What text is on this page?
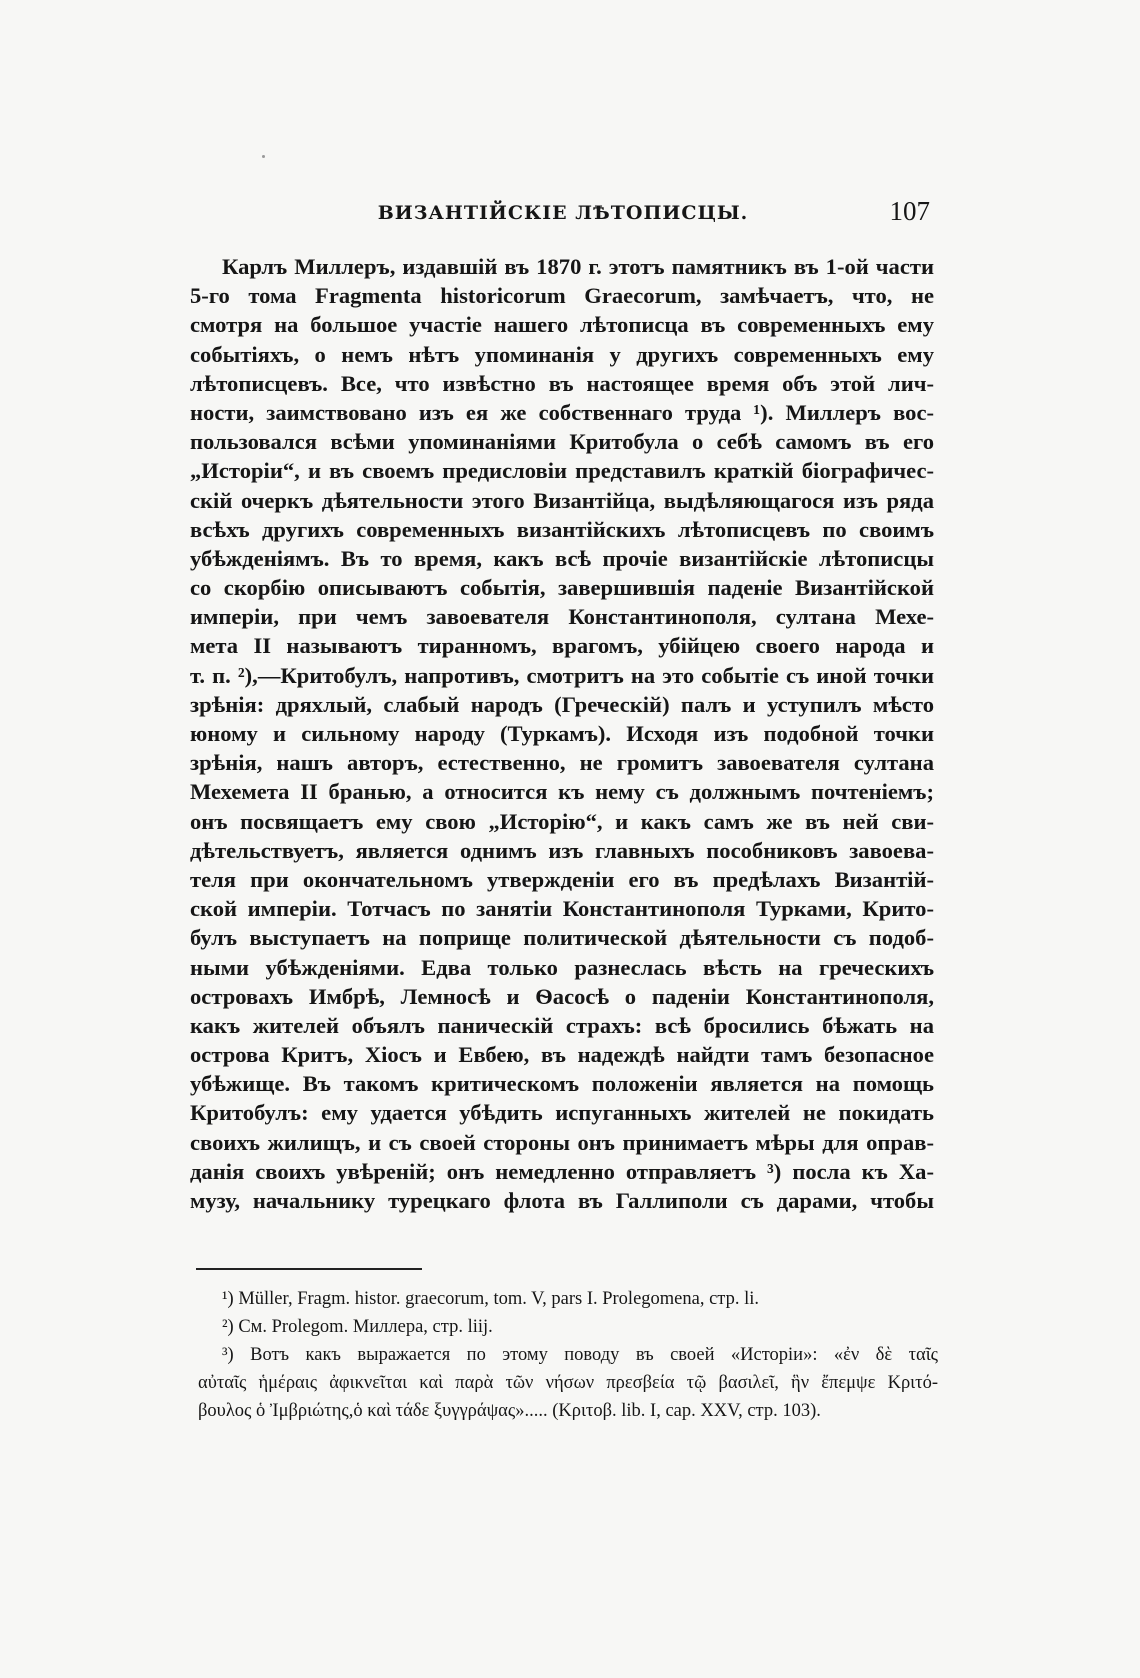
ВИЗАНТІЙСКІЕ ЛѢТОПИСЦЫ.	107
Карлъ Миллеръ, издавшій въ 1870 г. этотъ памятникъ въ 1-ой части
5-го тома Fragmenta historicorum Graecorum, замѣчаетъ, что, не
смотря на большое участіе нашего лѣтописца въ современныхъ ему
событіяхъ, о немъ нѣтъ упоминанія у другихъ современныхъ ему
лѣтописцевъ. Все, что извѣстно въ настоящее время объ этой лич-
ности, заимствовано изъ ея же собственнаго труда ¹). Миллеръ вос-
пользовался всѣми упоминаніями Критобула о себѣ самомъ въ его
„Исторіи“, и въ своемъ предисловіи представилъ краткій біографичес-
скій очеркъ дѣятельности этого Византійца, выдѣляющагося изъ ряда
всѣхъ другихъ современныхъ византійскихъ лѣтописцевъ по своимъ
убѣжденіямъ. Въ то время, какъ всѣ прочіе византійскіе лѣтописцы
со скорбію описываютъ событія, завершившія паденіе Византійской
имперіи, при чемъ завоевателя Константинополя, султана Мехе-
мета II называютъ тиранномъ, врагомъ, убійцею своего народа и
т. п. ²),—Критобулъ, напротивъ, смотритъ на это событіе съ иной точки
зрѣнія: дряхлый, слабый народъ (Греческій) палъ и уступилъ мѣсто
юному и сильному народу (Туркамъ). Исходя изъ подобной точки
зрѣнія, нашъ авторъ, естественно, не громитъ завоевателя султана
Мехемета II бранью, а относится къ нему съ должнымъ почтеніемъ;
онъ посвящаетъ ему свою „Исторію“, и какъ самъ же въ ней сви-
дѣтельствуетъ, является однимъ изъ главныхъ пособниковъ завоева-
теля при окончательномъ утвержденіи его въ предѣлахъ Византій-
ской имперіи. Тотчасъ по занятіи Константинополя Турками, Крито-
булъ выступаетъ на поприще политической дѣятельности съ подоб-
ными убѣжденіями. Едва только разнеслась вѣсть на греческихъ
островахъ Имбрѣ, Лемносѣ и Ѳасосѣ о паденіи Константинополя,
какъ жителей объялъ паническій страхъ: всѣ бросились бѣжать на
острова Критъ, Хіосъ и Евбею, въ надеждѣ найдти тамъ безопасное
убѣжище. Въ такомъ критическомъ положеніи является на помощь
Критобулъ: ему удается убѣдить испуганныхъ жителей не покидать
своихъ жилищъ, и съ своей стороны онъ принимаетъ мѣры для оправ-
данія своихъ увѣреній; онъ немедленно отправляетъ ³) посла къ Ха-
музу, начальнику турецкаго флота въ Галлиполи съ дарами, чтобы
¹) Müller, Fragm. histor. graecorum, tom. V, pars I. Prolegomena, стр. li.
²) См. Prolegom. Миллера, стр. liij.
³) Вотъ какъ выражается по этому поводу въ своей «Исторіи»: «ἐν δὲ ταῖς
αὐταῖς ἡμέραις ἀφικνεῖται καὶ παρὰ τῶν νήσων πρεσβεία τῷ βασιλεῖ, ἣν ἔπεμψε Κριτό-
βουλος ὁ Ἰμβριώτης,ὁ καὶ τάδε ξυγγράψας»..... (Κριτοβ. lib. I, cap. XXV, стр. 103).
